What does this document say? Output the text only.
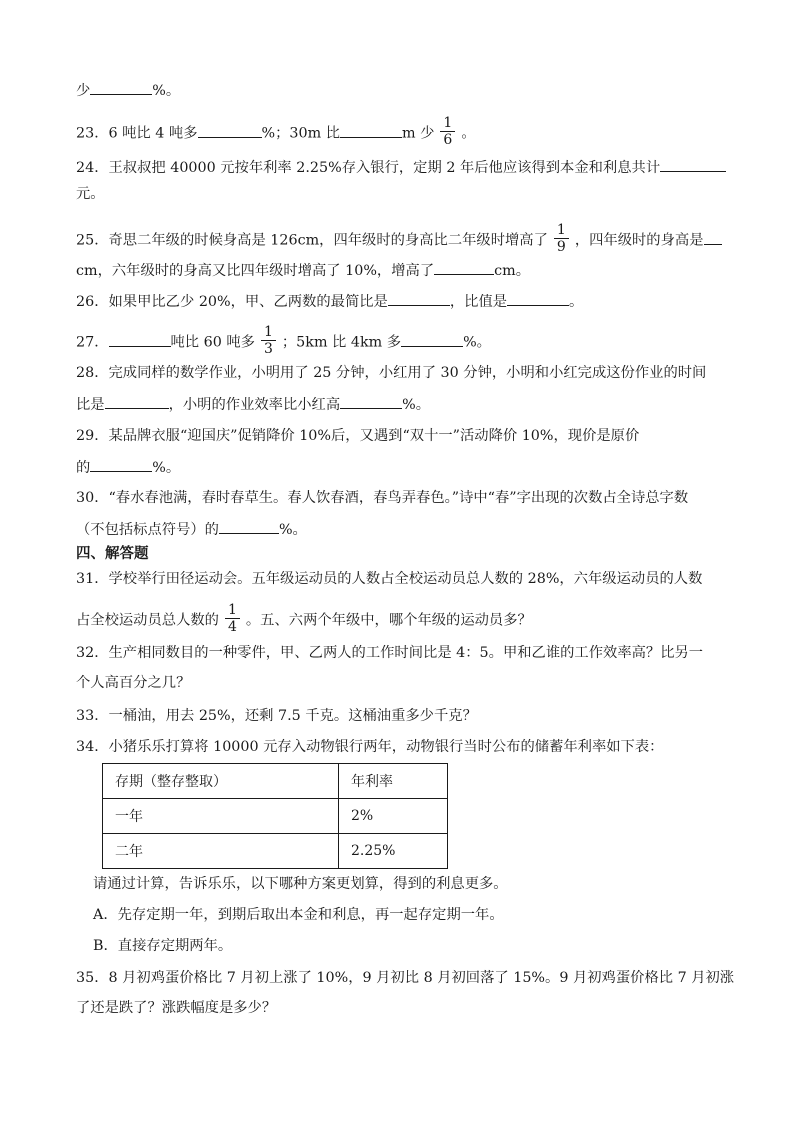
少	%。
23．6 吨比 4 吨多	%；30m 比	m 少 $\frac{1}{6}$ 。
24．王叔叔把 40000 元按年利率 2.25%存入银行，定期 2 年后他应该得到本金和利息共计
元。
25．奇思二年级的时候身高是 126cm，四年级时的身高比二年级时增高了 $\frac{1}{9}$ ，四年级时的身高是
cm，六年级时的身高又比四年级时增高了 10%，增高了	cm。
26．如果甲比乙少 20%，甲、乙两数的最简比是	，比值是	。
27．	吨比 60 吨多 $\frac{1}{3}$ ；5km 比 4km 多	%。
28．完成同样的数学作业，小明用了 25 分钟，小红用了 30 分钟，小明和小红完成这份作业的时间
比是	，小明的作业效率比小红高	%。
29．某品牌衣服“迎国庆”促销降价 10%后，又遇到“双十一”活动降价 10%，现价是原价
的	%。
30．“春水春池满，春时春草生。春人饮春酒，春鸟弄春色。”诗中“春”字出现的次数占全诗总字数
（不包括标点符号）的	%。
四、解答题
31．学校举行田径运动会。五年级运动员的人数占全校运动员总人数的 28%，六年级运动员的人数
占全校运动员总人数的 $\frac{1}{4}$ 。五、六两个年级中，哪个年级的运动员多？
32．生产相同数目的一种零件，甲、乙两人的工作时间比是 4：5。甲和乙谁的工作效率高？比另一
个人高百分之几？
33．一桶油，用去 25%，还剩 7.5 千克。这桶油重多少千克？
34．小猪乐乐打算将 10000 元存入动物银行两年，动物银行当时公布的储蓄年利率如下表：
存期（整存整取）	年利率
一年	2%
二年	2.25%
请通过计算，告诉乐乐，以下哪种方案更划算，得到的利息更多。
A．先存定期一年，到期后取出本金和利息，再一起存定期一年。
B．直接存定期两年。
35．8 月初鸡蛋价格比 7 月初上涨了 10%，9 月初比 8 月初回落了 15%。9 月初鸡蛋价格比 7 月初涨
了还是跌了？涨跌幅度是多少？
